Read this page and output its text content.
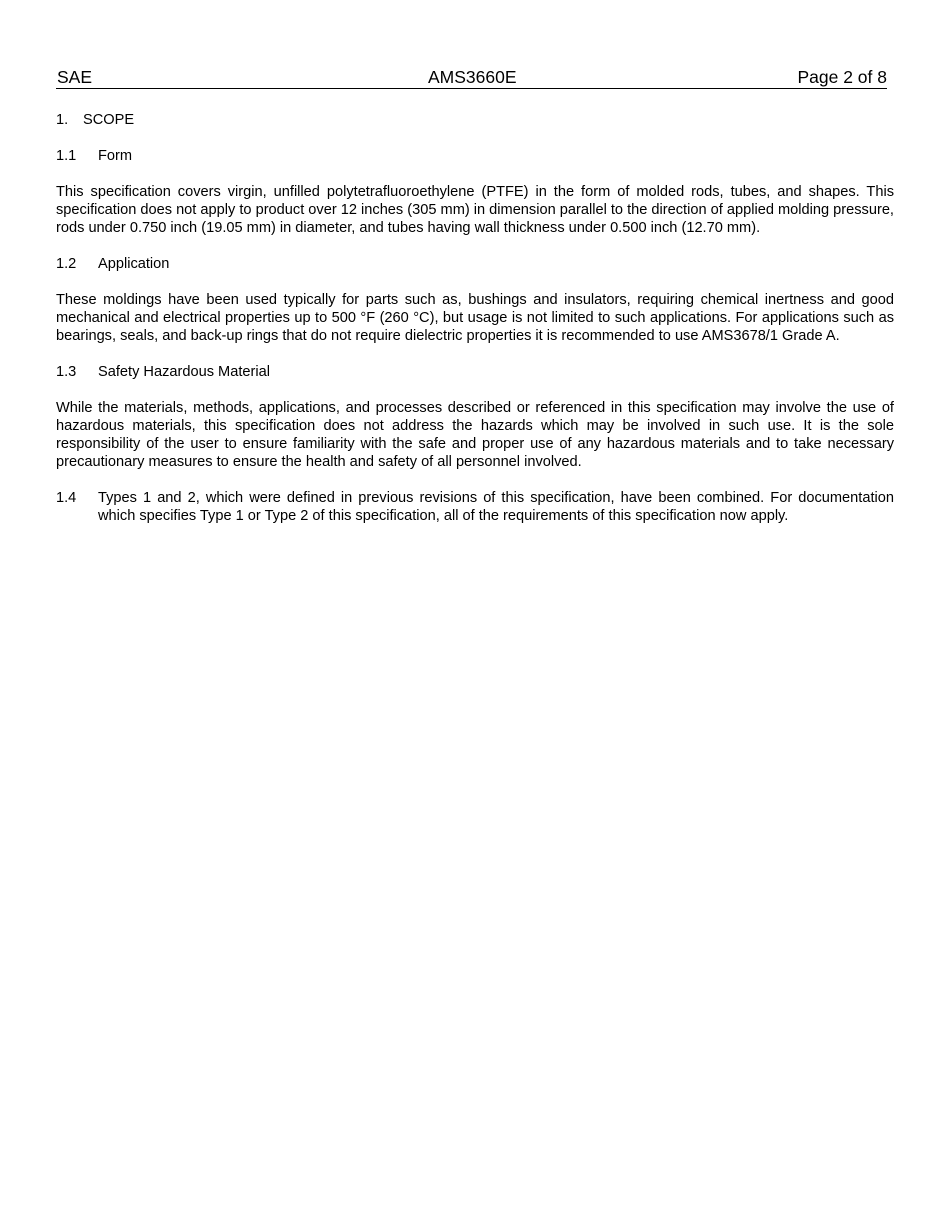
SAE	AMS3660E	Page 2 of 8
1. SCOPE
1.1 Form

This specification covers virgin, unfilled polytetrafluoroethylene (PTFE) in the form of molded rods, tubes, and shapes. This specification does not apply to product over 12 inches (305 mm) in dimension parallel to the direction of applied molding pressure, rods under 0.750 inch (19.05 mm) in diameter, and tubes having wall thickness under 0.500 inch (12.70 mm).

1.2 Application

These moldings have been used typically for parts such as, bushings and insulators, requiring chemical inertness and good mechanical and electrical properties up to 500 °F (260 °C), but usage is not limited to such applications. For applications such as bearings, seals, and back-up rings that do not require dielectric properties it is recommended to use AMS3678/1 Grade A.

1.3 Safety Hazardous Material

While the materials, methods, applications, and processes described or referenced in this specification may involve the use of hazardous materials, this specification does not address the hazards which may be involved in such use. It is the sole responsibility of the user to ensure familiarity with the safe and proper use of any hazardous materials and to take necessary precautionary measures to ensure the health and safety of all personnel involved.

1.4 Types 1 and 2, which were defined in previous revisions of this specification, have been combined. For documentation which specifies Type 1 or Type 2 of this specification, all of the requirements of this specification now apply.
